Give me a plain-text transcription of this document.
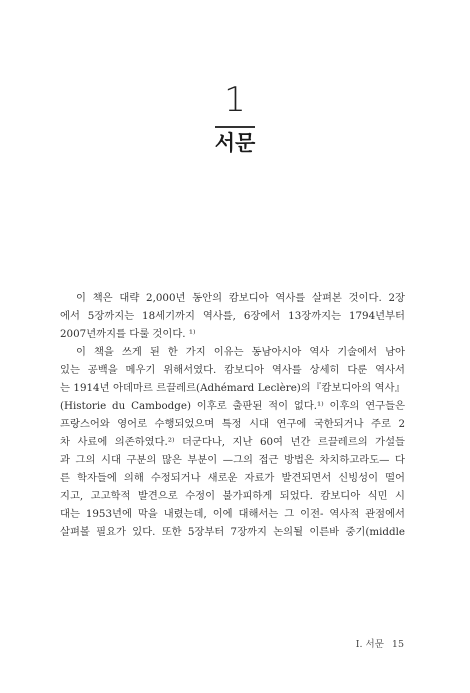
1
서문
이 책은 대략 2,000년 동안의 캄보디아 역사를 살펴본 것이다. 2장
에서 5장까지는 18세기까지 역사를, 6장에서 13장까지는 1794년부터
2007년까지를 다룰 것이다. ¹⁾
이 책을 쓰게 된 한 가지 이유는 동남아시아 역사 기술에서 남아
있는 공백을 메우기 위해서였다. 캄보디아 역사를 상세히 다룬 역사서
는 1914년 아데마르 르끌레르(Adhémard Leclère)의『캄보디아의 역사』
(Historie du Cambodge) 이후로 출판된 적이 없다.¹⁾ 이후의 연구들은
프랑스어와 영어로 수행되었으며 특정 시대 연구에 국한되거나 주로 2
차 사료에 의존하였다.²⁾ 더군다나, 지난 60여 년간 르끌레르의 가설들
과 그의 시대 구분의 많은 부분이 —그의 접근 방법은 차치하고라도— 다
른 학자들에 의해 수정되거나 새로운 자료가 발견되면서 신빙성이 떨어
지고, 고고학적 발견으로 수정이 불가피하게 되었다. 캄보디아 식민 시
대는 1953년에 막을 내렸는데, 이에 대해서는 그 이전- 역사적 관점에서
살펴볼 필요가 있다. 또한 5장부터 7장까지 논의될 이른바 중기(middle
I. 서문 15
